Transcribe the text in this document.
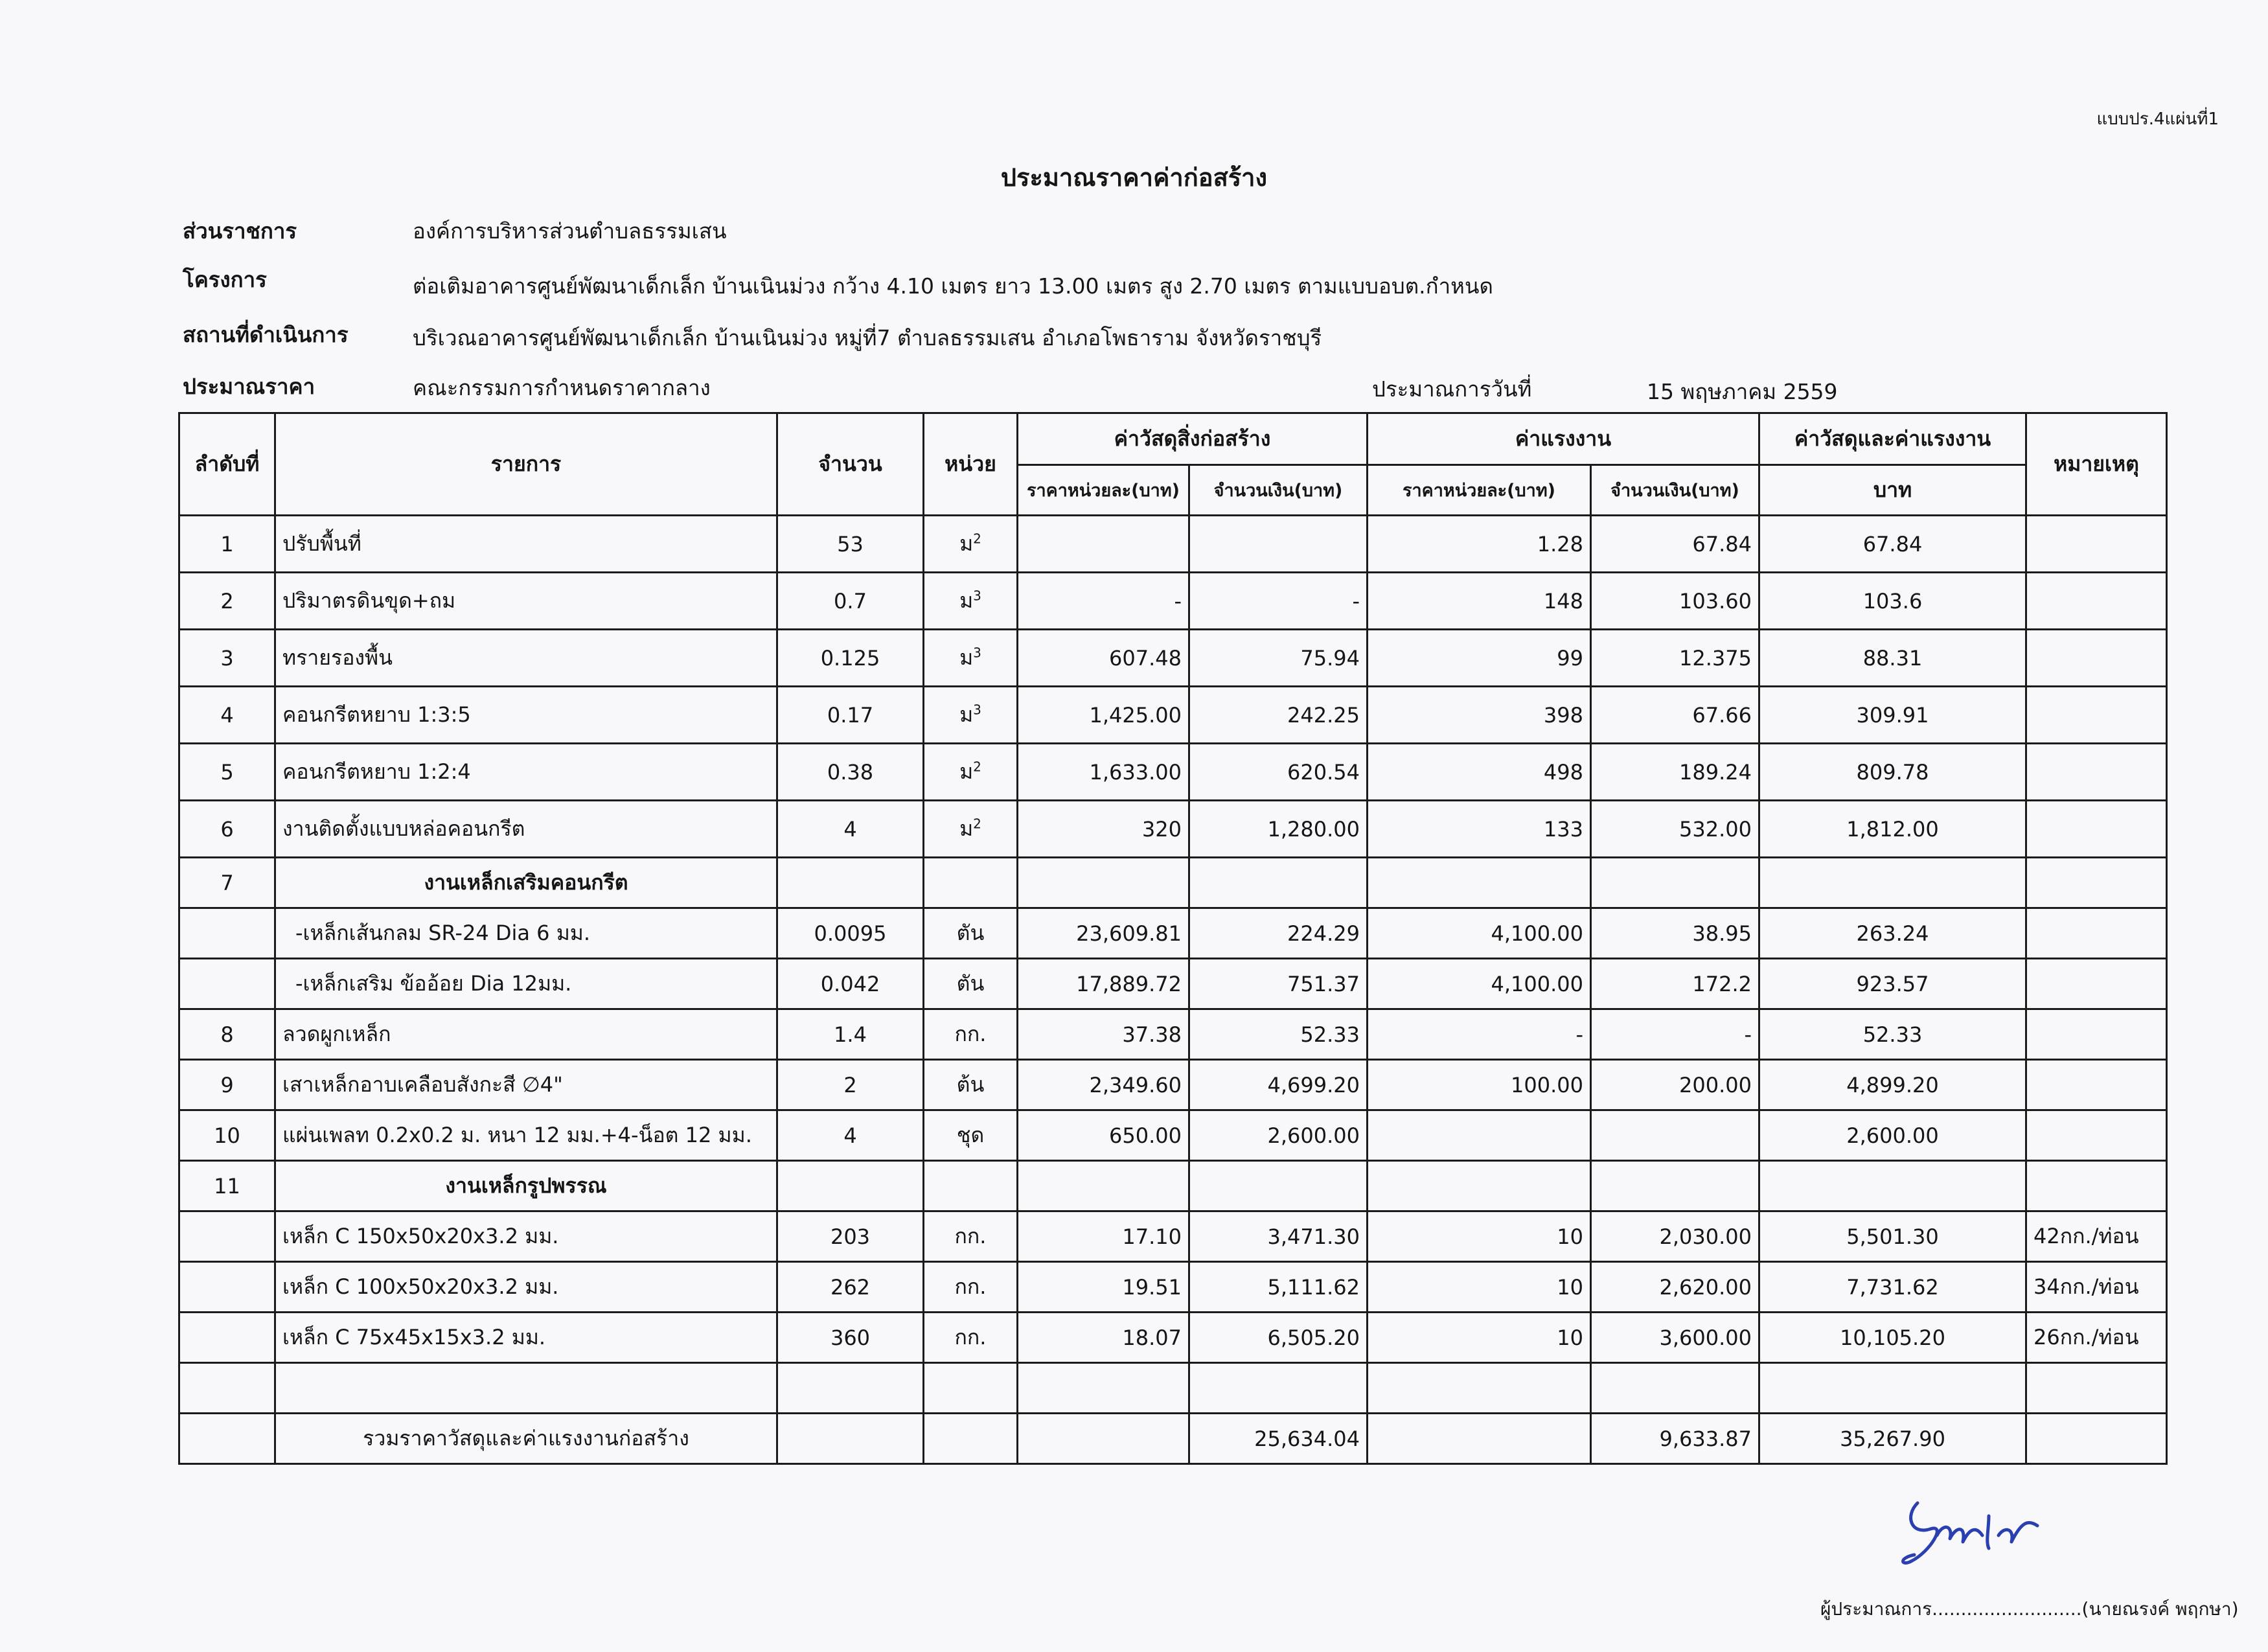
แบบปร.4แผ่นที่1
ประมาณราคาค่าก่อสร้าง
ส่วนราชการ	องค์การบริหารส่วนตำบลธรรมเสน
โครงการ	ต่อเติมอาคารศูนย์พัฒนาเด็กเล็ก บ้านเนินม่วง กว้าง 4.10 เมตร ยาว 13.00 เมตร สูง 2.70 เมตร ตามแบบอบต.กำหนด
สถานที่ดำเนินการ	บริเวณอาคารศูนย์พัฒนาเด็กเล็ก บ้านเนินม่วง หมู่ที่7 ตำบลธรรมเสน อำเภอโพธาราม จังหวัดราชบุรี
ประมาณราคา	คณะกรรมการกำหนดราคากลาง	ประมาณการวันที่	15 พฤษภาคม 2559
ลำดับที่	รายการ	จำนวน	หน่วย	ค่าวัสดุสิ่งก่อสร้าง		ค่าแรงงาน		ค่าวัสดุและค่าแรงงาน	หมายเหตุ
				ราคาหน่วยละ(บาท)	จำนวนเงิน(บาท)	ราคาหน่วยละ(บาท)	จำนวนเงิน(บาท)	บาท	
1	ปรับพื้นที่	53	ม$^2$			1.28	67.84	67.84	
2	ปริมาตรดินขุด+ถม	0.7	ม$^3$	-	-	148	103.60	103.6	
3	ทรายรองพื้น	0.125	ม$^3$	607.48	75.94	99	12.375	88.31	
4	คอนกรีตหยาบ 1:3:5	0.17	ม$^3$	1,425.00	242.25	398	67.66	309.91	
5	คอนกรีตหยาบ 1:2:4	0.38	ม$^2$	1,633.00	620.54	498	189.24	809.78	
6	งานติดตั้งแบบหล่อคอนกรีต	4	ม$^2$	320	1,280.00	133	532.00	1,812.00	
7	งานเหล็กเสริมคอนกรีต								
	-เหล็กเส้นกลม SR-24 Dia 6 มม.	0.0095	ตัน	23,609.81	224.29	4,100.00	38.95	263.24	
	-เหล็กเสริม ข้ออ้อย Dia 12มม.	0.042	ตัน	17,889.72	751.37	4,100.00	172.2	923.57	
8	ลวดผูกเหล็ก	1.4	กก.	37.38	52.33	-	-	52.33	
9	เสาเหล็กอาบเคลือบสังกะสี ∅4"	2	ต้น	2,349.60	4,699.20	100.00	200.00	4,899.20	
10	แผ่นเพลท 0.2x0.2 ม. หนา 12 มม.+4-น็อต 12 มม.	4	ชุด	650.00	2,600.00			2,600.00	
11	งานเหล็กรูปพรรณ								
	เหล็ก C 150x50x20x3.2 มม.	203	กก.	17.10	3,471.30	10	2,030.00	5,501.30	42กก./ท่อน
	เหล็ก C 100x50x20x3.2 มม.	262	กก.	19.51	5,111.62	10	2,620.00	7,731.62	34กก./ท่อน
	เหล็ก C 75x45x15x3.2 มม.	360	กก.	18.07	6,505.20	10	3,600.00	10,105.20	26กก./ท่อน

	รวมราคาวัสดุและค่าแรงงานก่อสร้าง				25,634.04		9,633.87	35,267.90	
ผู้ประมาณการ..........................(นายณรงค์ พฤกษา)
